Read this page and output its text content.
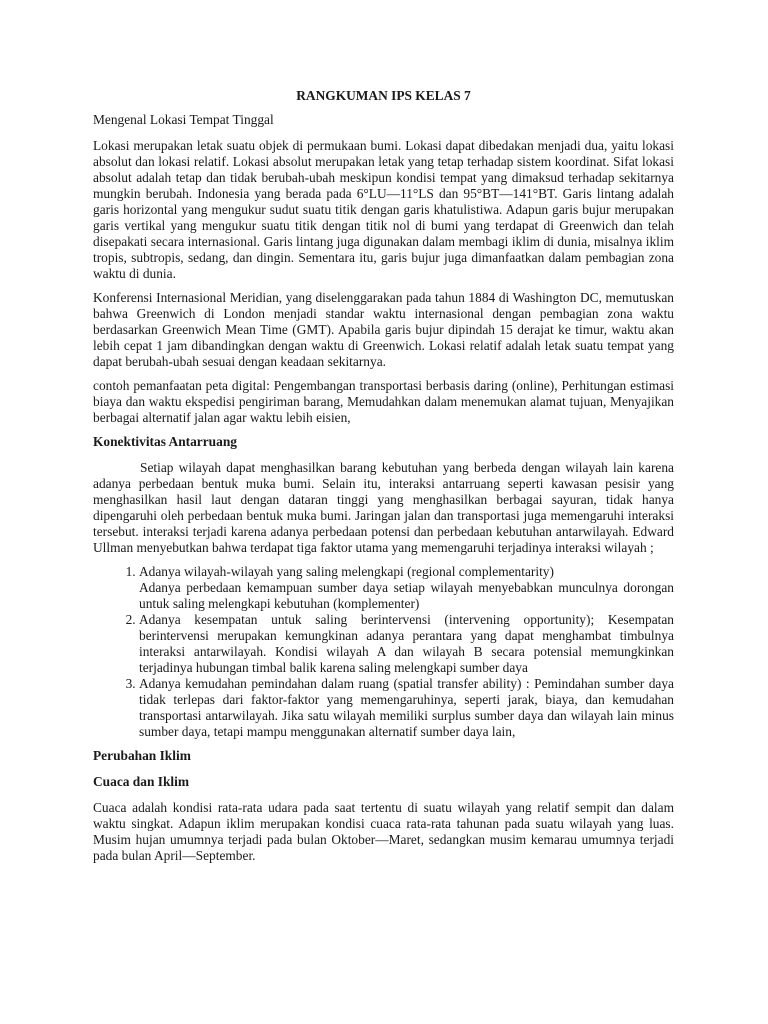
RANGKUMAN IPS KELAS 7

Mengenal Lokasi Tempat Tinggal

Lokasi merupakan letak suatu objek di permukaan bumi. Lokasi dapat dibedakan menjadi dua, yaitu lokasi absolut dan lokasi relatif. Lokasi absolut merupakan letak yang tetap terhadap sistem koordinat. Sifat lokasi absolut adalah tetap dan tidak berubah-ubah meskipun kondisi tempat yang dimaksud terhadap sekitarnya mungkin berubah. Indonesia yang berada pada 6°LU—11°LS dan 95°BT—141°BT. Garis lintang adalah garis horizontal yang mengukur sudut suatu titik dengan garis khatulistiwa. Adapun garis bujur merupakan garis vertikal yang mengukur suatu titik dengan titik nol di bumi yang terdapat di Greenwich dan telah disepakati secara internasional. Garis lintang juga digunakan dalam membagi iklim di dunia, misalnya iklim tropis, subtropis, sedang, dan dingin. Sementara itu, garis bujur juga dimanfaatkan dalam pembagian zona waktu di dunia.

Konferensi Internasional Meridian, yang diselenggarakan pada tahun 1884 di Washington DC, memutuskan bahwa Greenwich di London menjadi standar waktu internasional dengan pembagian zona waktu berdasarkan Greenwich Mean Time (GMT). Apabila garis bujur dipindah 15 derajat ke timur, waktu akan lebih cepat 1 jam dibandingkan dengan waktu di Greenwich. Lokasi relatif adalah letak suatu tempat yang dapat berubah-ubah sesuai dengan keadaan sekitarnya.

contoh pemanfaatan peta digital: Pengembangan transportasi berbasis daring (online), Perhitungan estimasi biaya dan waktu ekspedisi pengiriman barang, Memudahkan dalam menemukan alamat tujuan, Menyajikan berbagai alternatif jalan agar waktu lebih eisien,

Konektivitas Antarruang

Setiap wilayah dapat menghasilkan barang kebutuhan yang berbeda dengan wilayah lain karena adanya perbedaan bentuk muka bumi. Selain itu, interaksi antarruang seperti kawasan pesisir yang menghasilkan hasil laut dengan dataran tinggi yang menghasilkan berbagai sayuran, tidak hanya dipengaruhi oleh perbedaan bentuk muka bumi. Jaringan jalan dan transportasi juga memengaruhi interaksi tersebut. interaksi terjadi karena adanya perbedaan potensi dan perbedaan kebutuhan antarwilayah. Edward Ullman menyebutkan bahwa terdapat tiga faktor utama yang memengaruhi terjadinya interaksi wilayah ;

1. Adanya wilayah-wilayah yang saling melengkapi (regional complementarity)
Adanya perbedaan kemampuan sumber daya setiap wilayah menyebabkan munculnya dorongan untuk saling melengkapi kebutuhan (komplementer)
2. Adanya kesempatan untuk saling berintervensi (intervening opportunity); Kesempatan berintervensi merupakan kemungkinan adanya perantara yang dapat menghambat timbulnya interaksi antarwilayah. Kondisi wilayah A dan wilayah B secara potensial memungkinkan terjadinya hubungan timbal balik karena saling melengkapi sumber daya
3. Adanya kemudahan pemindahan dalam ruang (spatial transfer ability) : Pemindahan sumber daya tidak terlepas dari faktor-faktor yang memengaruhinya, seperti jarak, biaya, dan kemudahan transportasi antarwilayah. Jika satu wilayah memiliki surplus sumber daya dan wilayah lain minus sumber daya, tetapi mampu menggunakan alternatif sumber daya lain,
Perubahan Iklim
Cuaca dan Iklim

Cuaca adalah kondisi rata-rata udara pada saat tertentu di suatu wilayah yang relatif sempit dan dalam waktu singkat. Adapun iklim merupakan kondisi cuaca rata-rata tahunan pada suatu wilayah yang luas. Musim hujan umumnya terjadi pada bulan Oktober—Maret, sedangkan musim kemarau umumnya terjadi pada bulan April—September.
